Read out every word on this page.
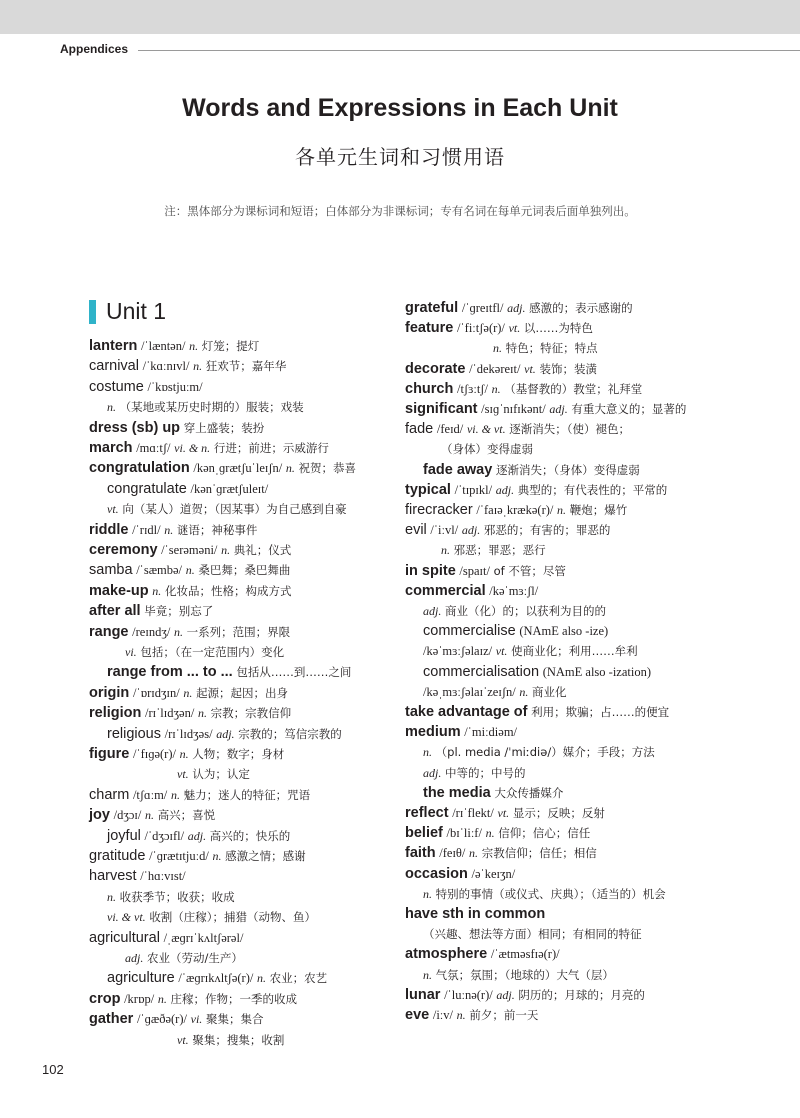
Appendices
Words and Expressions in Each Unit
各单元生词和习惯用语
注：黑体部分为课标词和短语；白体部分为非课标词；专有名词在每单元词表后面单独列出。
Unit 1
lantern /ˈlæntən/ n. 灯笼；提灯
carnival /ˈkɑːnɪvl/ n. 狂欢节；嘉年华
costume /ˈkɒstjuːm/
n. （某地或某历史时期的）服装；戏装
dress (sb) up 穿上盛装；装扮
march /mɑːtʃ/ vi. & n. 行进；前进；示威游行
congratulation /kənˌɡrætʃuˈleɪʃn/ n. 祝贺；恭喜
congratulate /kənˈɡrætʃuleɪt/
vt. 向（某人）道贺；（因某事）为自己感到自豪
riddle /ˈrɪdl/ n. 谜语；神秘事件
ceremony /ˈserəməni/ n. 典礼；仪式
samba /ˈsæmbə/ n. 桑巴舞；桑巴舞曲
make-up n. 化妆品；性格；构成方式
after all 毕竟；别忘了
range /reɪndʒ/ n. 一系列；范围；界限
vi. 包括；（在一定范围内）变化
range from ... to ... 包括从……到……之间
origin /ˈɒrɪdʒɪn/ n. 起源；起因；出身
religion /rɪˈlɪdʒən/ n. 宗教；宗教信仰
religious /rɪˈlɪdʒəs/ adj. 宗教的；笃信宗教的
figure /ˈfɪɡə(r)/ n. 人物；数字；身材
vt. 认为；认定
charm /tʃɑːm/ n. 魅力；迷人的特征；咒语
joy /dʒɔɪ/ n. 高兴；喜悦
joyful /ˈdʒɔɪfl/ adj. 高兴的；快乐的
gratitude /ˈɡrætɪtjuːd/ n. 感激之情；感谢
harvest /ˈhɑːvɪst/
n. 收获季节；收获；收成
vi. & vt. 收割（庄稼）；捕猎（动物、鱼）
agricultural /ˌæɡrɪˈkʌltʃərəl/
adj. 农业（劳动/生产）
agriculture /ˈæɡrɪkʌltʃə(r)/ n. 农业；农艺
crop /krɒp/ n. 庄稼；作物；一季的收成
gather /ˈɡæðə(r)/ vi. 聚集；集合
vt. 聚集；搜集；收割
grateful /ˈɡreɪtfl/ adj. 感激的；表示感谢的
feature /ˈfiːtʃə(r)/ vt. 以……为特色
n. 特色；特征；特点
decorate /ˈdekəreɪt/ vt. 装饰；装潢
church /tʃɜːtʃ/ n. （基督教的）教堂；礼拜堂
significant /sɪɡˈnɪfɪkənt/ adj. 有重大意义的；显著的
fade /feɪd/ vi. & vt. 逐渐消失；（使）褪色；
（身体）变得虚弱
fade away 逐渐消失；（身体）变得虚弱
typical /ˈtɪpɪkl/ adj. 典型的；有代表性的；平常的
firecracker /ˈfaɪəˌkrækə(r)/ n. 鞭炮；爆竹
evil /ˈiːvl/ adj. 邪恶的；有害的；罪恶的
n. 邪恶；罪恶；恶行
in spite /spaɪt/ of 不管；尽管
commercial /kəˈmɜːʃl/
adj. 商业（化）的；以获利为目的的
commercialise (NAmE also -ize)
/kəˈmɜːʃəlaɪz/ vt. 使商业化；利用……牟利
commercialisation (NAmE also -ization)
/kəˌmɜːʃəlaɪˈzeɪʃn/ n. 商业化
take advantage of 利用；欺骗；占……的便宜
medium /ˈmiːdiəm/
n. （pl. media /ˈmiːdiə/）媒介；手段；方法
adj. 中等的；中号的
the media 大众传播媒介
reflect /rɪˈflekt/ vt. 显示；反映；反射
belief /bɪˈliːf/ n. 信仰；信心；信任
faith /feɪθ/ n. 宗教信仰；信任；相信
occasion /əˈkeɪʒn/
n. 特别的事情（或仪式、庆典）；（适当的）机会
have sth in common
（兴趣、想法等方面）相同；有相同的特征
atmosphere /ˈætməsfɪə(r)/
n. 气氛；氛围；（地球的）大气（层）
lunar /ˈluːnə(r)/ adj. 阴历的；月球的；月亮的
eve /iːv/ n. 前夕；前一天
102
